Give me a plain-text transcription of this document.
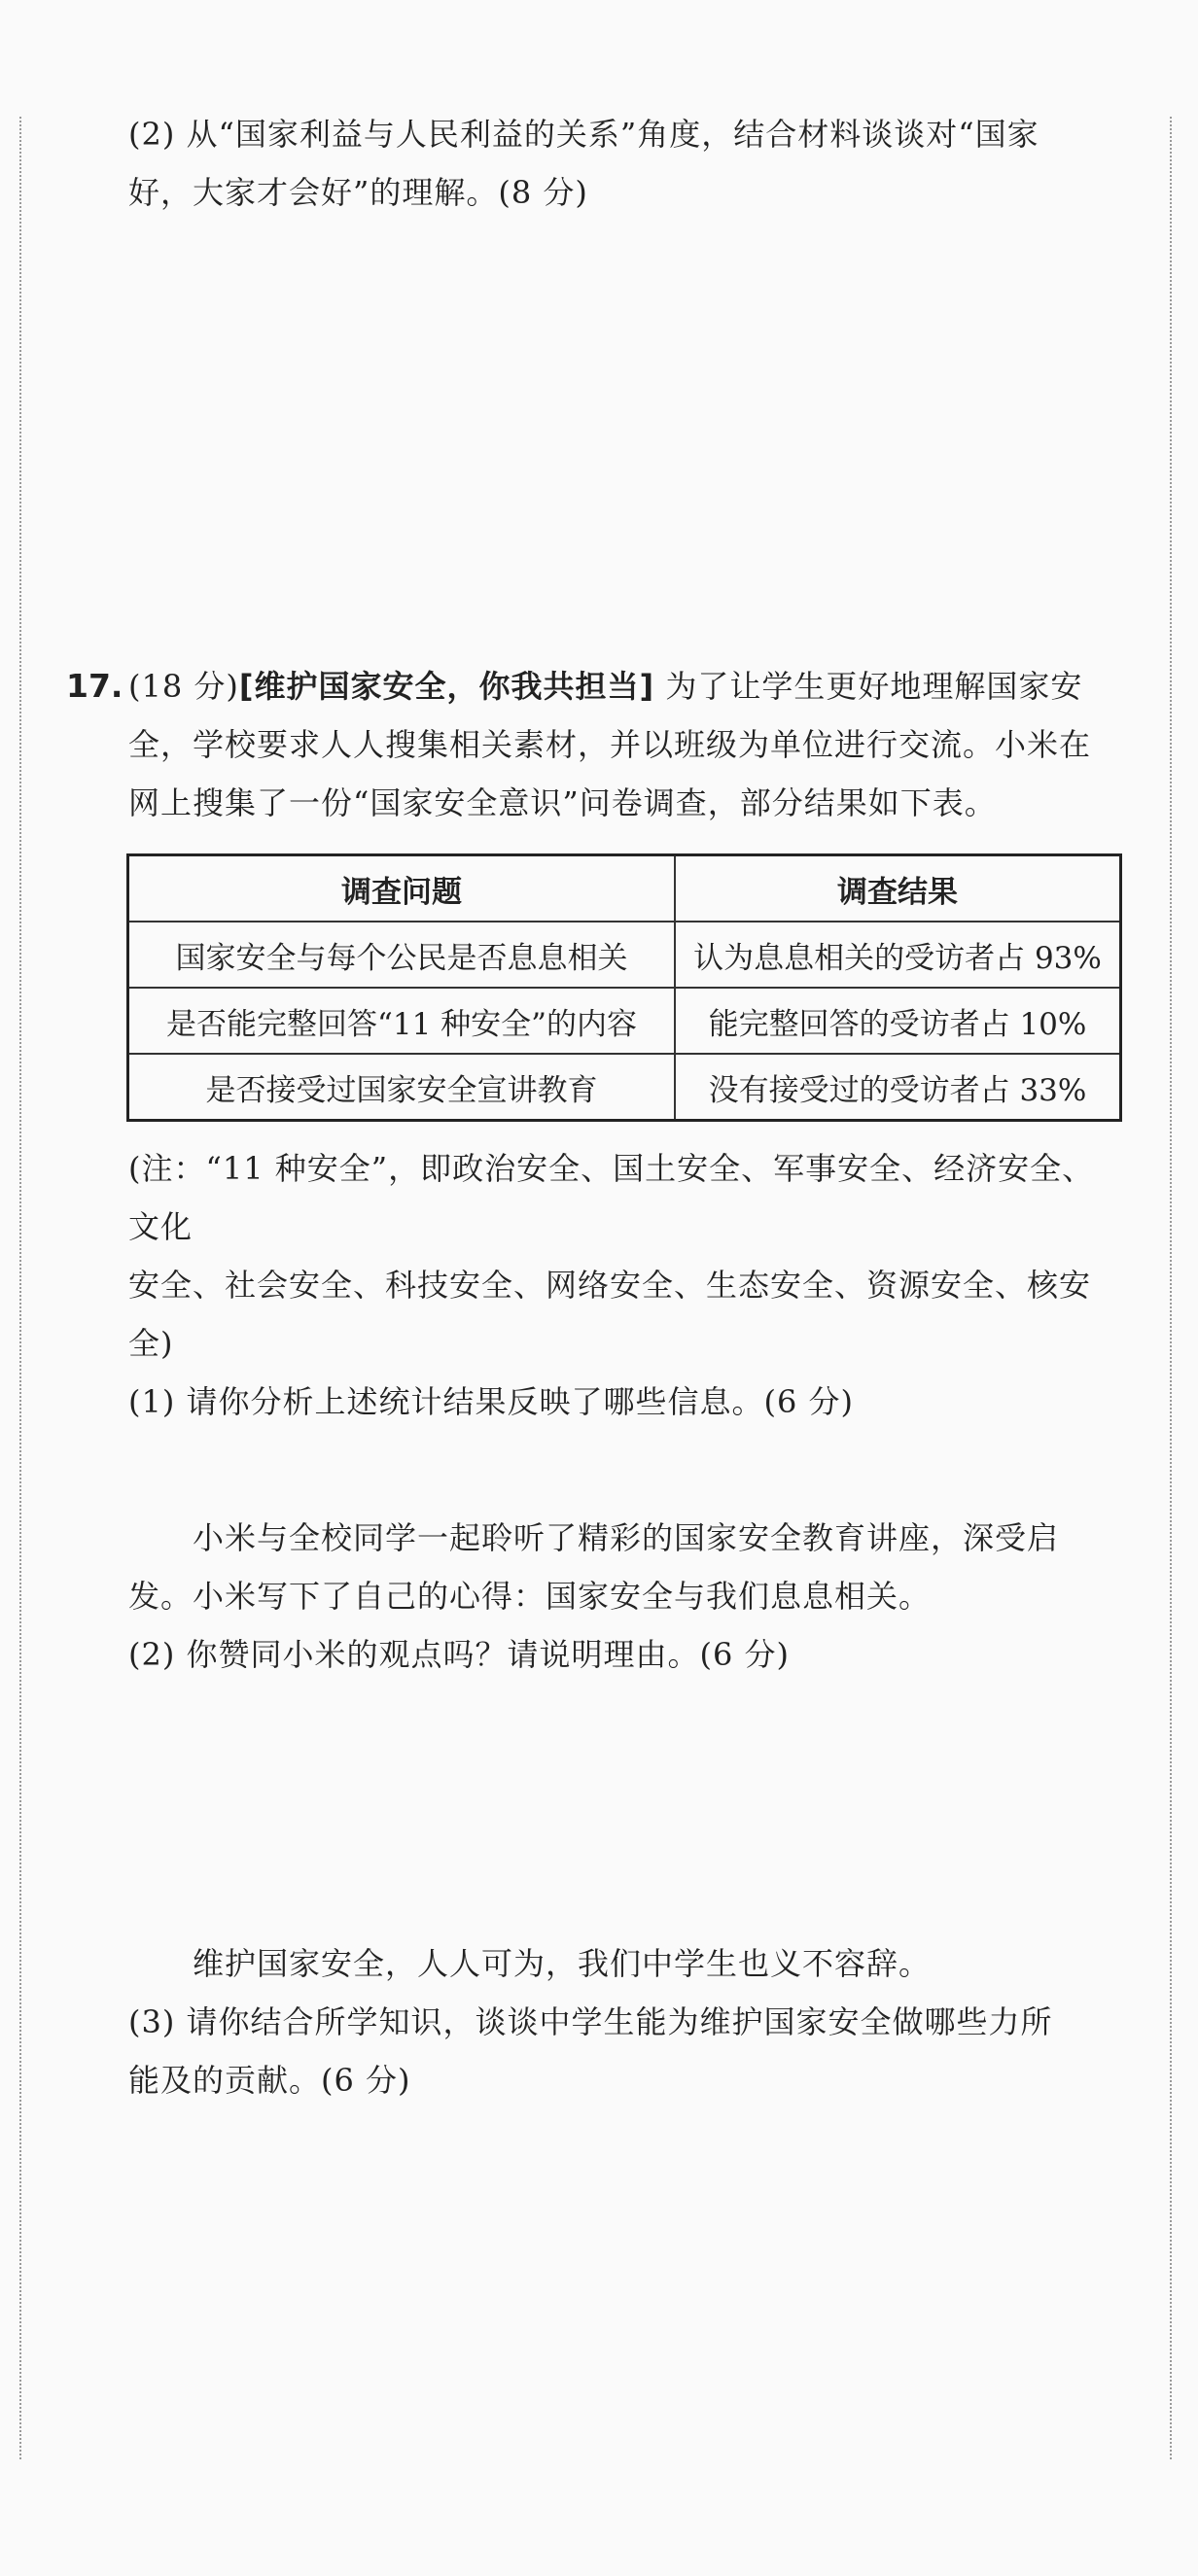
(2) 从“国家利益与人民利益的关系”角度，结合材料谈谈对“国家
好，大家才会好”的理解。(8 分)

17. (18 分)[维护国家安全，你我共担当] 为了让学生更好地理解国家安
全，学校要求人人搜集相关素材，并以班级为单位进行交流。小米在
网上搜集了一份“国家安全意识”问卷调查，部分结果如下表。

调查问题	调查结果
国家安全与每个公民是否息息相关	认为息息相关的受访者占 93%
是否能完整回答“11 种安全”的内容	能完整回答的受访者占 10%
是否接受过国家安全宣讲教育	没有接受过的受访者占 33%

(注：“11 种安全”，即政治安全、国土安全、军事安全、经济安全、文化
安全、社会安全、科技安全、网络安全、生态安全、资源安全、核安全)
(1) 请你分析上述统计结果反映了哪些信息。(6 分)

小米与全校同学一起聆听了精彩的国家安全教育讲座，深受启
发。小米写下了自己的心得：国家安全与我们息息相关。

(2) 你赞同小米的观点吗？请说明理由。(6 分)

维护国家安全，人人可为，我们中学生也义不容辞。

(3) 请你结合所学知识，谈谈中学生能为维护国家安全做哪些力所
能及的贡献。(6 分)
